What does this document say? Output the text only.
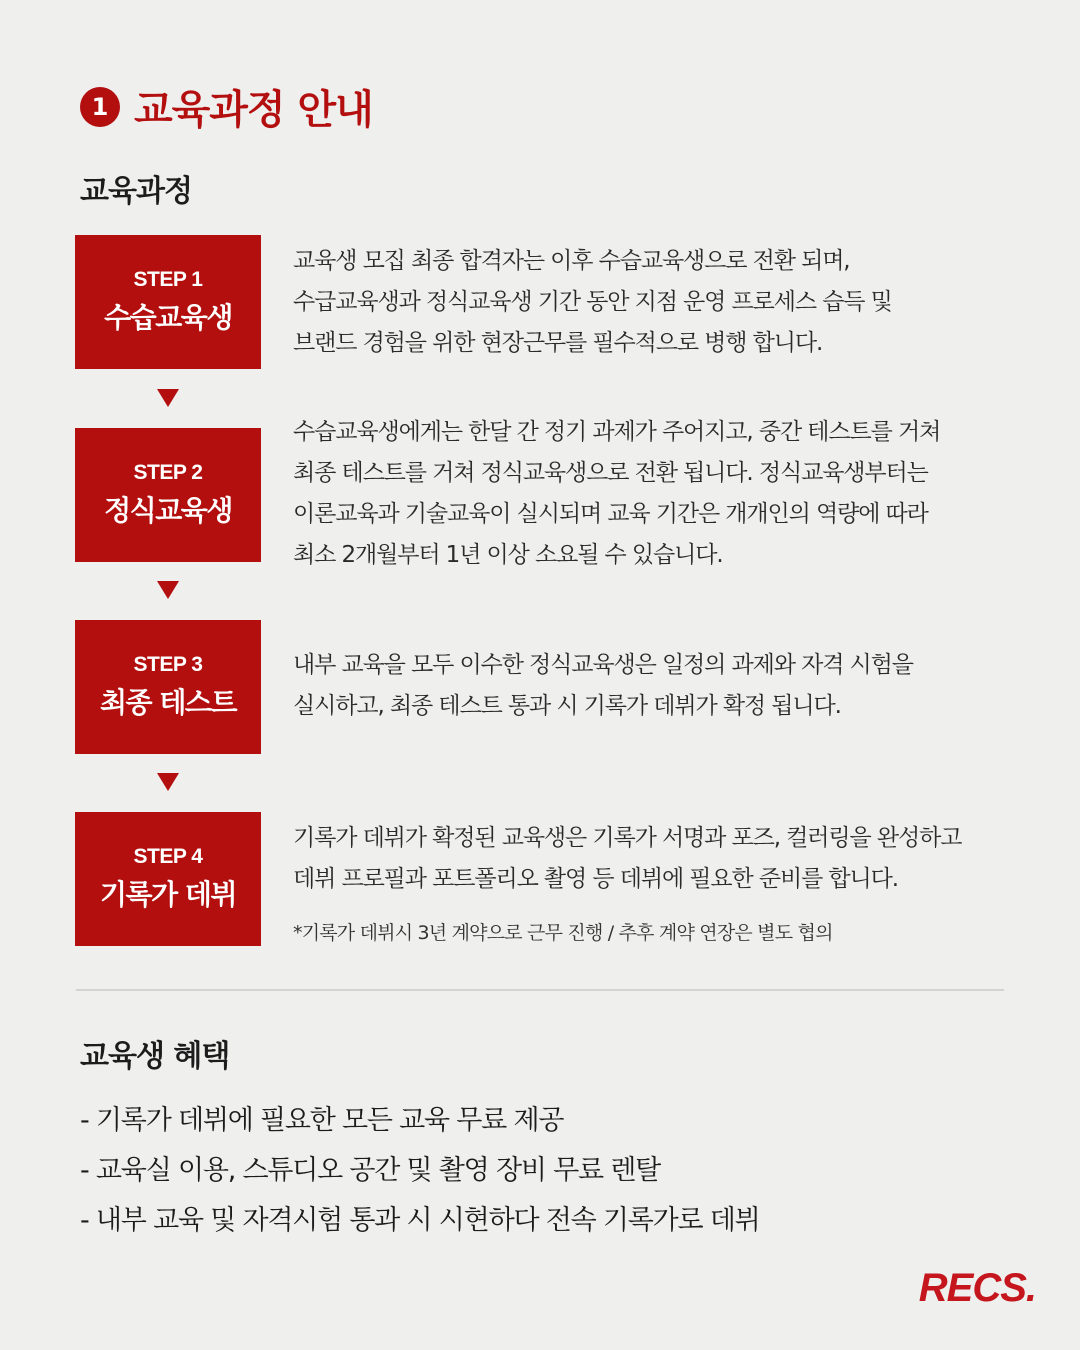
1 교육과정 안내
교육과정
STEP 1
수습교육생

교육생 모집 최종 합격자는 이후 수습교육생으로 전환 되며,

수급교육생과 정식교육생 기간 동안 지점 운영 프로세스 습득 및

브랜드 경험을 위한 현장근무를 필수적으로 병행 합니다.

STEP 2
정식교육생

수습교육생에게는 한달 간 정기 과제가 주어지고, 중간 테스트를 거쳐

최종 테스트를 거쳐 정식교육생으로 전환 됩니다. 정식교육생부터는

이론교육과 기술교육이 실시되며 교육 기간은 개개인의 역량에 따라

최소 2개월부터 1년 이상 소요될 수 있습니다.

STEP 3
최종 테스트

내부 교육을 모두 이수한 정식교육생은 일정의 과제와 자격 시험을

실시하고, 최종 테스트 통과 시 기록가 데뷔가 확정 됩니다.

STEP 4
기록가 데뷔

기록가 데뷔가 확정된 교육생은 기록가 서명과 포즈, 컬러링을 완성하고

데뷔 프로필과 포트폴리오 촬영 등 데뷔에 필요한 준비를 합니다.

*기록가 데뷔시 3년 계약으로 근무 진행 / 추후 계약 연장은 별도 협의
교육생 혜택
- 기록가 데뷔에 필요한 모든 교육 무료 제공
- 교육실 이용, 스튜디오 공간 및 촬영 장비 무료 렌탈
- 내부 교육 및 자격시험 통과 시 시현하다 전속 기록가로 데뷔
RECS.
